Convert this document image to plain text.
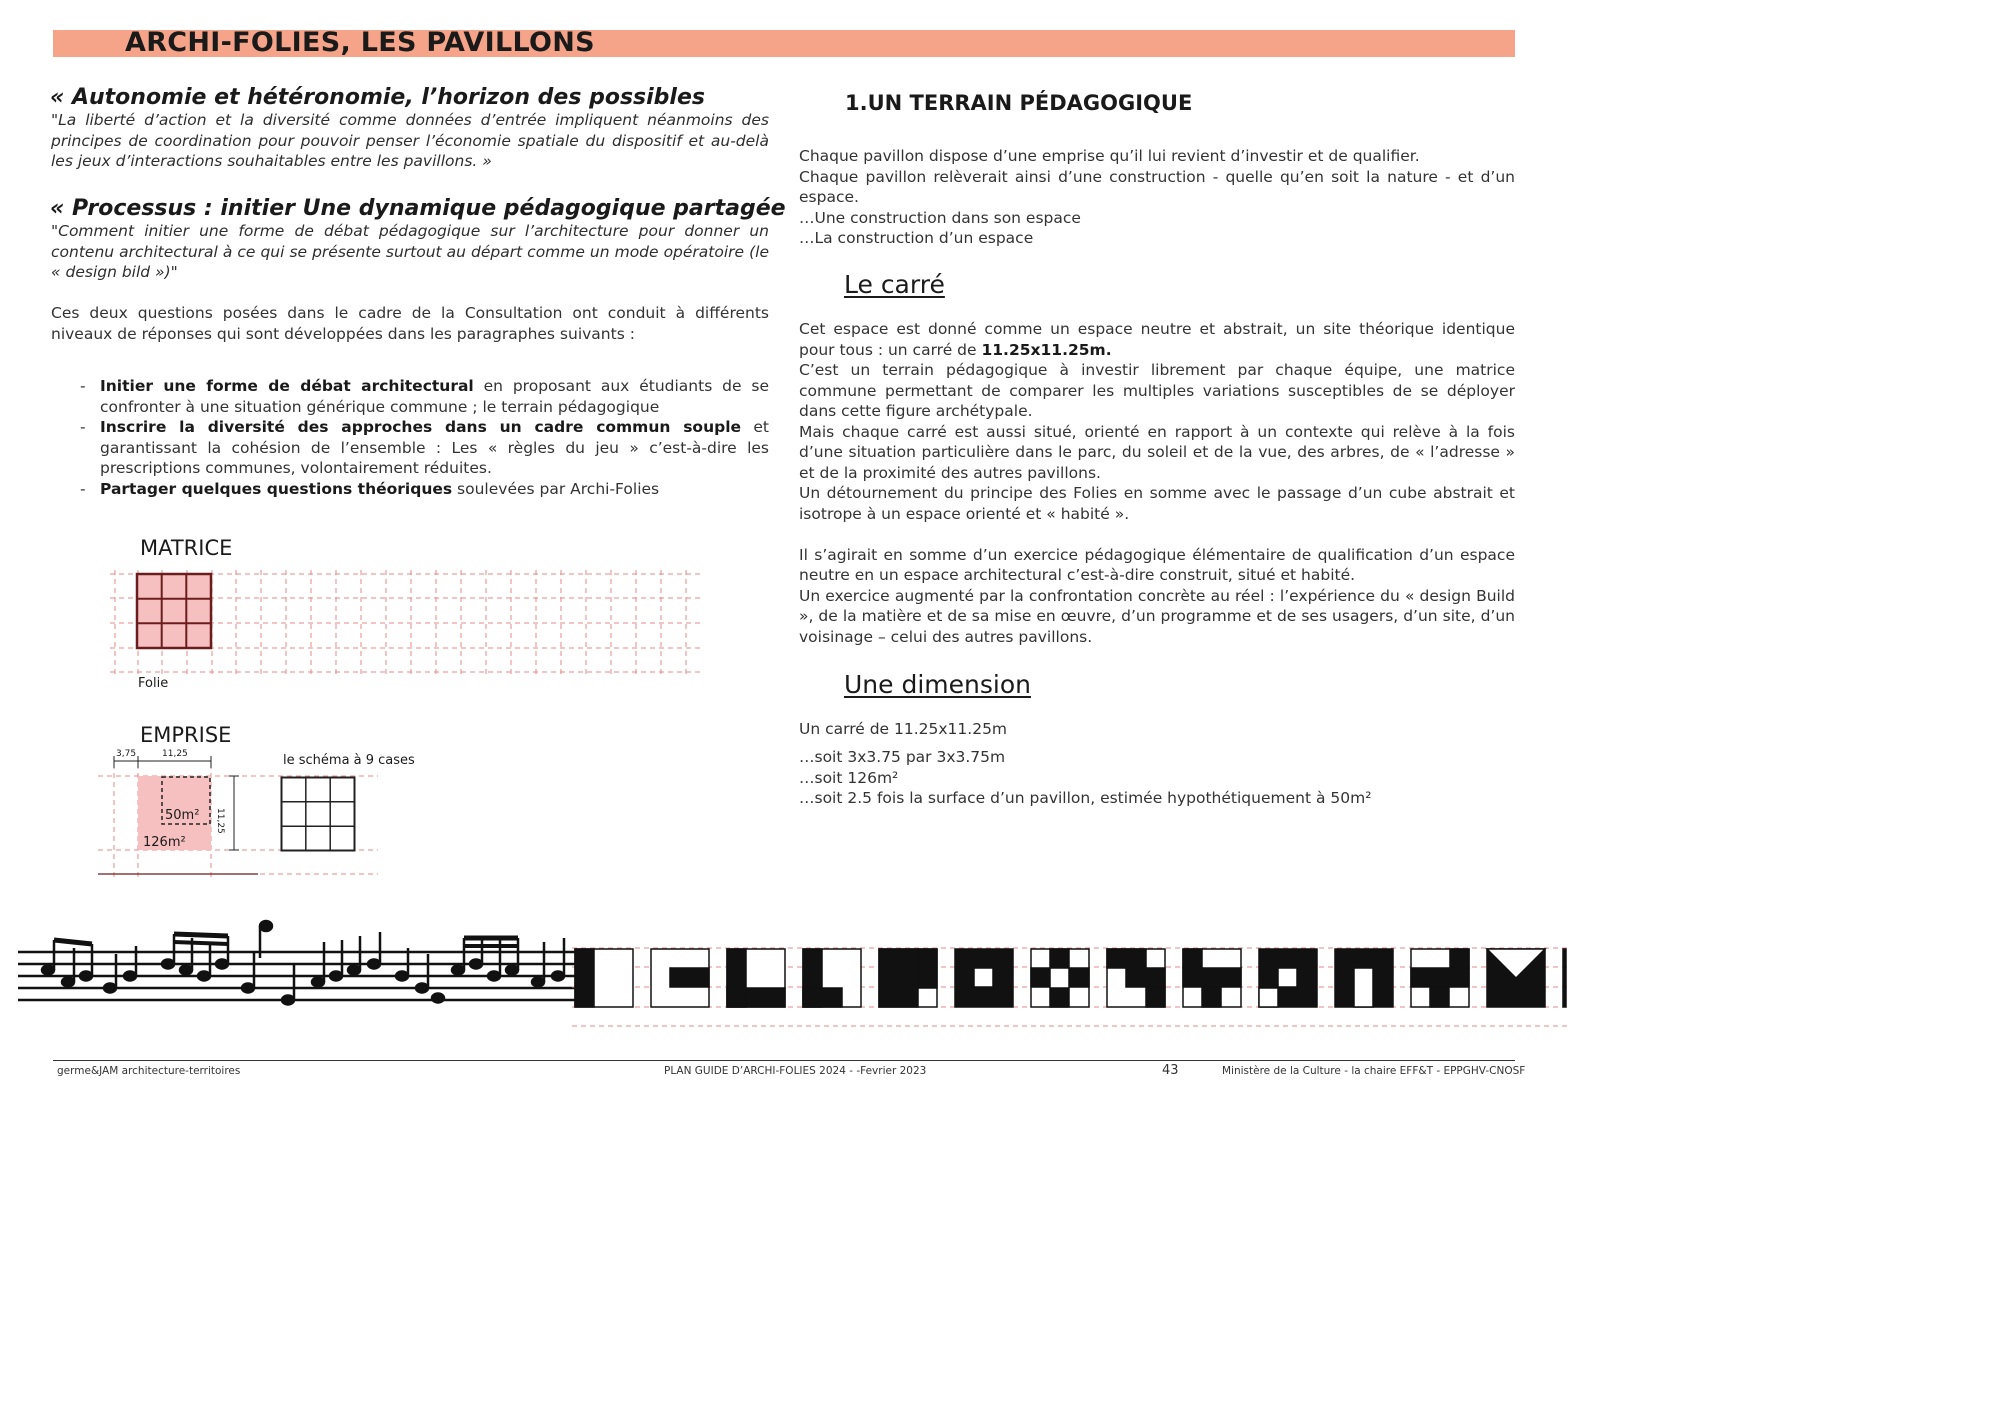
ARCHI-FOLIES, LES PAVILLONS
« Autonomie et hétéronomie, l’horizon des possibles
"La liberté d’action et la diversité comme données d’entrée impliquent néanmoins des principes de coordination pour pouvoir penser l’économie spatiale du dispositif et au-delà les jeux d’interactions souhaitables entre les pavillons. »
« Processus : initier Une dynamique pédagogique partagée
"Comment initier une forme de débat pédagogique sur l’architecture pour donner un contenu architectural à ce qui se présente surtout au départ comme un mode opératoire (le « design bild »)"
Ces deux questions posées dans le cadre de la Consultation ont conduit à différents niveaux de réponses qui sont développées dans les paragraphes suivants :
- Initier une forme de débat architectural en proposant aux étudiants de se confronter à une situation générique commune ; le terrain pédagogique
- Inscrire la diversité des approches dans un cadre commun souple et garantissant la cohésion de l’ensemble : Les « règles du jeu » c’est-à-dire les prescriptions communes, volontairement réduites.
- Partager quelques questions théoriques soulevées par Archi-Folies
MATRICE
Folie
EMPRISE
3,75	11,25
11,25
50m²
126m²
le schéma à 9 cases
1.UN TERRAIN PÉDAGOGIQUE
Chaque pavillon dispose d’une emprise qu’il lui revient d’investir et de qualifier.
Chaque pavillon relèverait ainsi d’une construction - quelle qu’en soit la nature - et d’un espace.
…Une construction dans son espace
…La construction d’un espace
Le carré
Cet espace est donné comme un espace neutre et abstrait, un site théorique identique pour tous : un carré de 11.25x11.25m.
C’est un terrain pédagogique à investir librement par chaque équipe, une matrice commune permettant de comparer les multiples variations susceptibles de se déployer dans cette figure archétypale.
Mais chaque carré est aussi situé, orienté en rapport à un contexte qui relève à la fois d’une situation particulière dans le parc, du soleil et de la vue, des arbres, de « l’adresse » et de la proximité des autres pavillons.
Un détournement du principe des Folies en somme avec le passage d’un cube abstrait et isotrope à un espace orienté et « habité ».
Il s’agirait en somme d’un exercice pédagogique élémentaire de qualification d’un espace neutre en un espace architectural c’est-à-dire construit, situé et habité.
Un exercice augmenté par la confrontation concrète au réel : l’expérience du « design Build », de la matière et de sa mise en œuvre, d’un programme et de ses usagers, d’un site, d’un voisinage – celui des autres pavillons.
Une dimension
Un carré de 11.25x11.25m
…soit 3x3.75 par 3x3.75m
…soit 126m²
…soit 2.5 fois la surface d’un pavillon, estimée hypothétiquement à 50m²
germe&JAM architecture-territoires	PLAN GUIDE D’ARCHI-FOLIES 2024 - -Fevrier 2023	43	Ministère de la Culture - la chaire EFF&T - EPPGHV-CNOSF
